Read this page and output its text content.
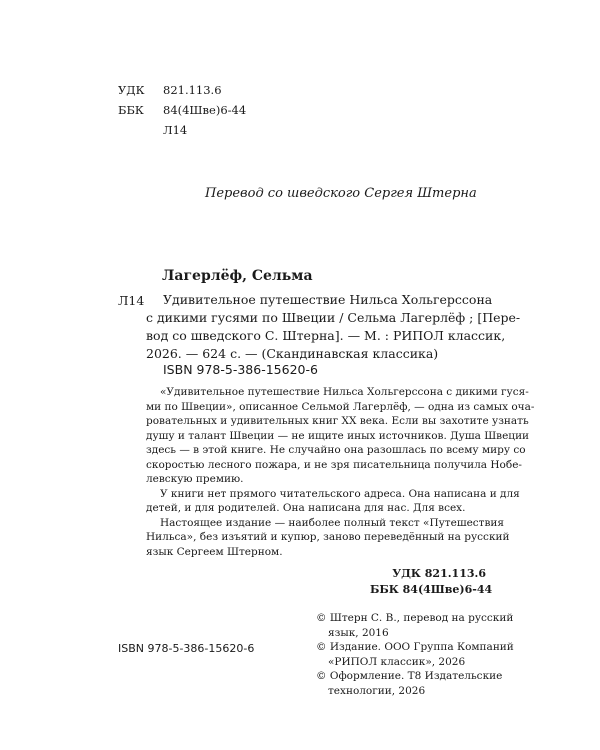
УДК 821.113.6
ББК 84(4Шве)6-44
Л14
Перевод со шведского Сергея Штерна
Лагерлёф, Сельма
Л14 Удивительное путешествие Нильса Хольгерссона
с дикими гусями по Швеции / Сельма Лагерлёф ; [Пере-
вод со шведского С. Штерна]. — М. : РИПОЛ классик,
2026. — 624 с. — (Скандинавская классика)
ISBN 978-5-386-15620-6
«Удивительное путешествие Нильса Хольгерссона с дикими гуся-
ми по Швеции», описанное Сельмой Лагерлёф, — одна из самых оча-
ровательных и удивительных книг XX века. Если вы захотите узнать
душу и талант Швеции — не ищите иных источников. Душа Швеции
здесь — в этой книге. Не случайно она разошлась по всему миру со
скоростью лесного пожара, и не зря писательница получила Нобе-
левскую премию.
У книги нет прямого читательского адреса. Она написана и для
детей, и для родителей. Она написана для нас. Для всех.
Настоящее издание — наиболее полный текст «Путешествия
Нильса», без изъятий и купюр, заново переведённый на русский
язык Сергеем Штерном.
УДК 821.113.6
ББК 84(4Шве)6-44
© Штерн С. В., перевод на русский
язык, 2016
© Издание. ООО Группа Компаний
«РИПОЛ классик», 2026
© Оформление. Т8 Издательские
технологии, 2026
ISBN 978-5-386-15620-6
